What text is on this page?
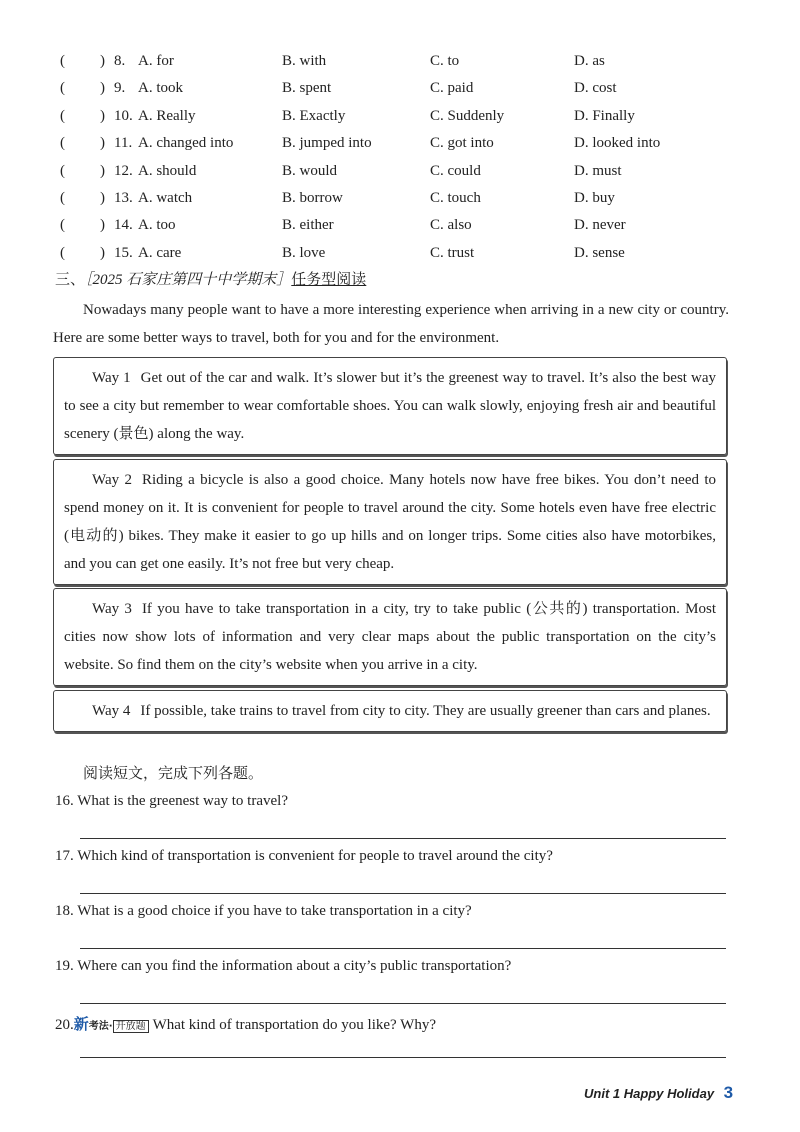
( ) 8. A. for	B. with	C. to	D. as
( ) 9. A. took	B. spent	C. paid	D. cost
( ) 10. A. Really	B. Exactly	C. Suddenly	D. Finally
( ) 11. A. changed into	B. jumped into	C. got into	D. looked into
( ) 12. A. should	B. would	C. could	D. must
( ) 13. A. watch	B. borrow	C. touch	D. buy
( ) 14. A. too	B. either	C. also	D. never
( ) 15. A. care	B. love	C. trust	D. sense
三、［2025 石家庄第四十中学期末］任务型阅读
Nowadays many people want to have a more interesting experience when arriving in a new city or country. Here are some better ways to travel, both for you and for the environment.
Way 1 Get out of the car and walk. It’s slower but it’s the greenest way to travel. It’s also the best way to see a city but remember to wear comfortable shoes. You can walk slowly, enjoying fresh air and beautiful scenery (景色) along the way.
Way 2 Riding a bicycle is also a good choice. Many hotels now have free bikes. You don’t need to spend money on it. It is convenient for people to travel around the city. Some hotels even have free electric (电动的) bikes. They make it easier to go up hills and on longer trips. Some cities also have motorbikes, and you can get one easily. It’s not free but very cheap.
Way 3 If you have to take transportation in a city, try to take public (公共的) transportation. Most cities now show lots of information and very clear maps about the public transportation on the city’s website. So find them on the city’s website when you arrive in a city.
Way 4 If possible, take trains to travel from city to city. They are usually greener than cars and planes.
阅读短文，完成下列各题。
16. What is the greenest way to travel?
17. Which kind of transportation is convenient for people to travel around the city?
18. What is a good choice if you have to take transportation in a city?
19. Where can you find the information about a city’s public transportation?
20.新考法· 开放题 What kind of transportation do you like? Why?
Unit 1 Happy Holiday 3
